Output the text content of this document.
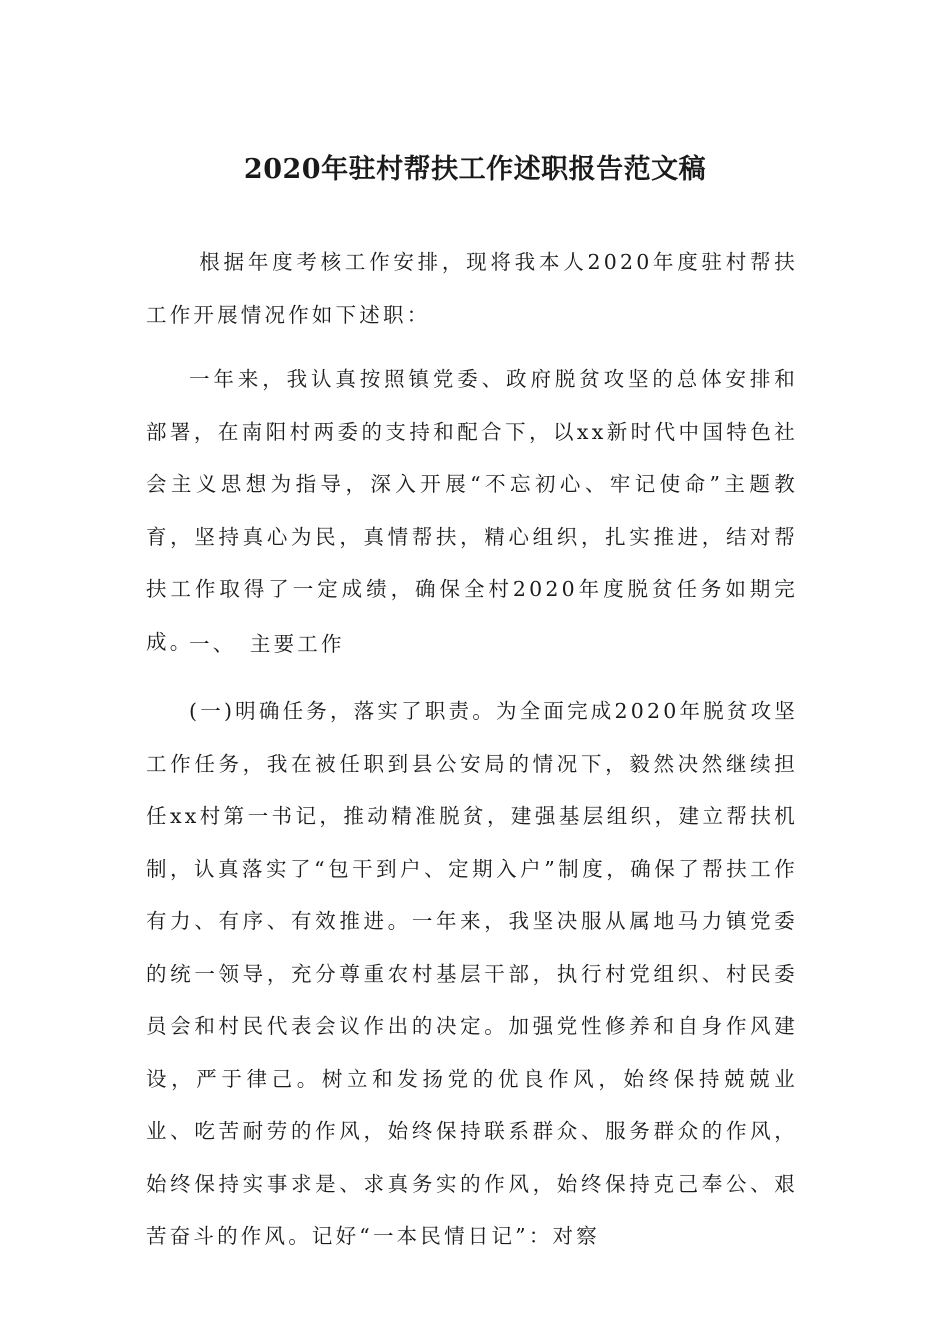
2020年驻村帮扶工作述职报告范文稿

根据年度考核工作安排，现将我本人2020年度驻村帮扶工作开展情况作如下述职：

一年来，我认真按照镇党委、政府脱贫攻坚的总体安排和部署，在南阳村两委的支持和配合下，以xx新时代中国特色社会主义思想为指导，深入开展“不忘初心、牢记使命”主题教育，坚持真心为民，真情帮扶，精心组织，扎实推进，结对帮扶工作取得了一定成绩，确保全村2020年度脱贫任务如期完成。

一、　主要工作

(一)明确任务，落实了职责。为全面完成2020年脱贫攻坚工作任务，我在被任职到县公安局的情况下，毅然决然继续担任xx村第一书记，推动精准脱贫，建强基层组织，建立帮扶机制，认真落实了“包干到户、定期入户”制度，确保了帮扶工作有力、有序、有效推进。一年来，我坚决服从属地马力镇党委的统一领导，充分尊重农村基层干部，执行村党组织、村民委员会和村民代表会议作出的决定。加强党性修养和自身作风建设，严于律己。树立和发扬党的优良作风，始终保持兢兢业业、吃苦耐劳的作风，始终保持联系群众、服务群众的作风，始终保持实事求是、求真务实的作风，始终保持克己奉公、艰苦奋斗的作风。记好“一本民情日记”：对察
